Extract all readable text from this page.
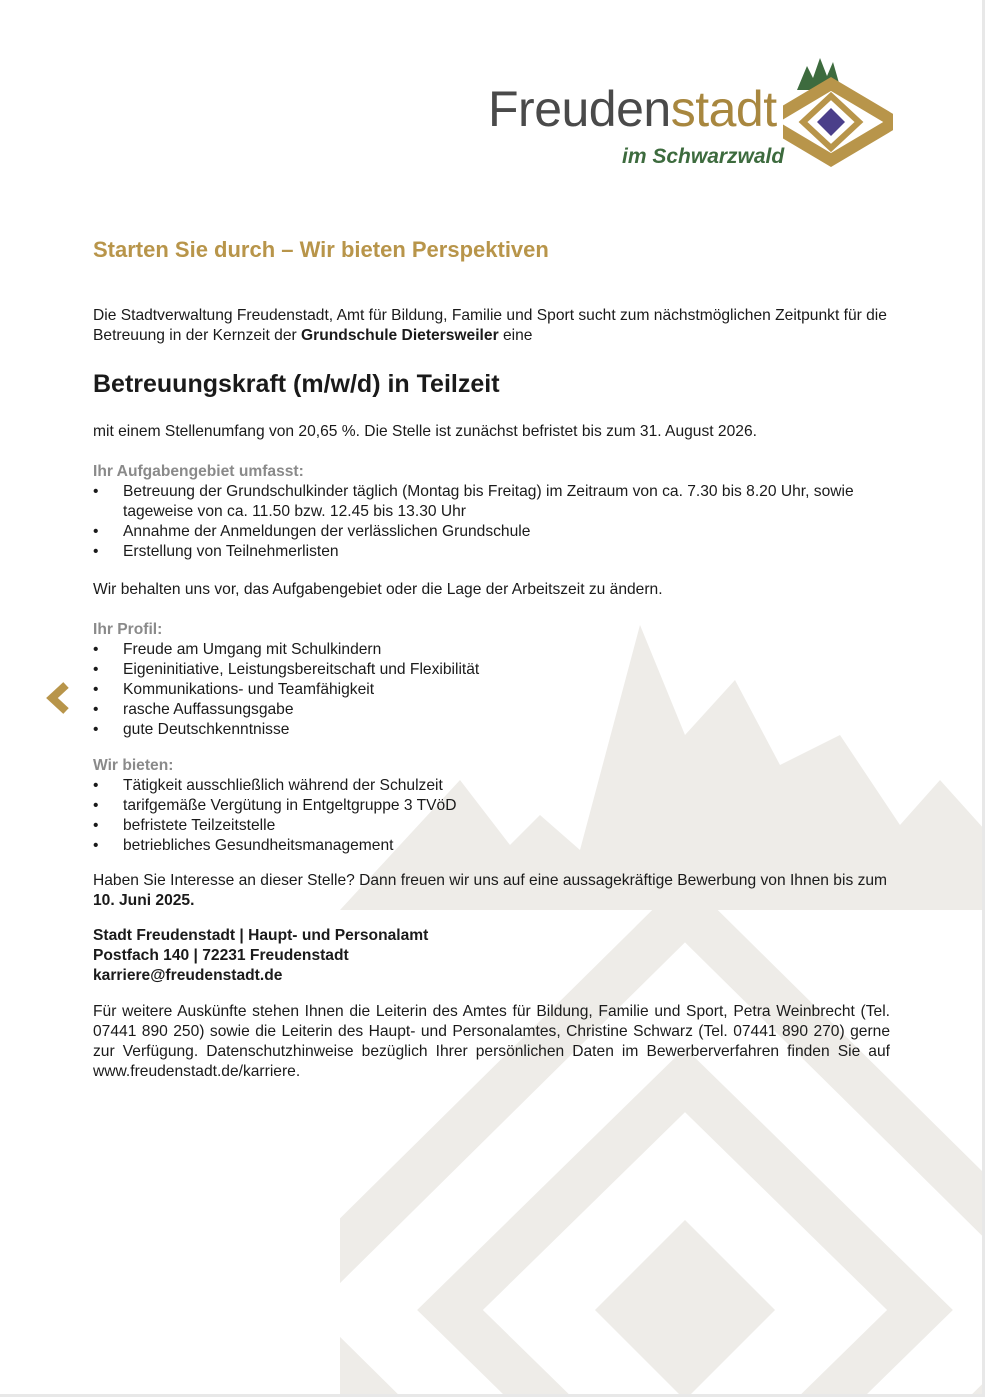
Freudenstadt
im Schwarzwald
Starten Sie durch – Wir bieten Perspektiven

Die Stadtverwaltung Freudenstadt, Amt für Bildung, Familie und Sport sucht zum nächstmöglichen Zeitpunkt für die Betreuung in der Kernzeit der Grundschule Dietersweiler eine

Betreuungskraft (m/w/d) in Teilzeit

mit einem Stellenumfang von 20,65 %. Die Stelle ist zunächst befristet bis zum 31. August 2026.

Ihr Aufgabengebiet umfasst:
• Betreuung der Grundschulkinder täglich (Montag bis Freitag) im Zeitraum von ca. 7.30 bis 8.20 Uhr, sowie tageweise von ca. 11.50 bzw. 12.45 bis 13.30 Uhr
• Annahme der Anmeldungen der verlässlichen Grundschule
• Erstellung von Teilnehmerlisten

Wir behalten uns vor, das Aufgabengebiet oder die Lage der Arbeitszeit zu ändern.

Ihr Profil:
• Freude am Umgang mit Schulkindern
• Eigeninitiative, Leistungsbereitschaft und Flexibilität
• Kommunikations- und Teamfähigkeit
• rasche Auffassungsgabe
• gute Deutschkenntnisse
Wir bieten:
• Tätigkeit ausschließlich während der Schulzeit
• tarifgemäße Vergütung in Entgeltgruppe 3 TVöD
• befristete Teilzeitstelle
• betriebliches Gesundheitsmanagement

Haben Sie Interesse an dieser Stelle? Dann freuen wir uns auf eine aussagekräftige Bewerbung von Ihnen bis zum 10. Juni 2025.

Stadt Freudenstadt | Haupt- und Personalamt
Postfach 140 | 72231 Freudenstadt
karriere@freudenstadt.de

Für weitere Auskünfte stehen Ihnen die Leiterin des Amtes für Bildung, Familie und Sport, Petra Weinbrecht (Tel. 07441 890 250) sowie die Leiterin des Haupt- und Personalamtes, Christine Schwarz (Tel. 07441 890 270) gerne zur Verfügung. Datenschutzhinweise bezüglich Ihrer persönlichen Daten im Bewerberverfahren finden Sie auf www.freudenstadt.de/karriere.
